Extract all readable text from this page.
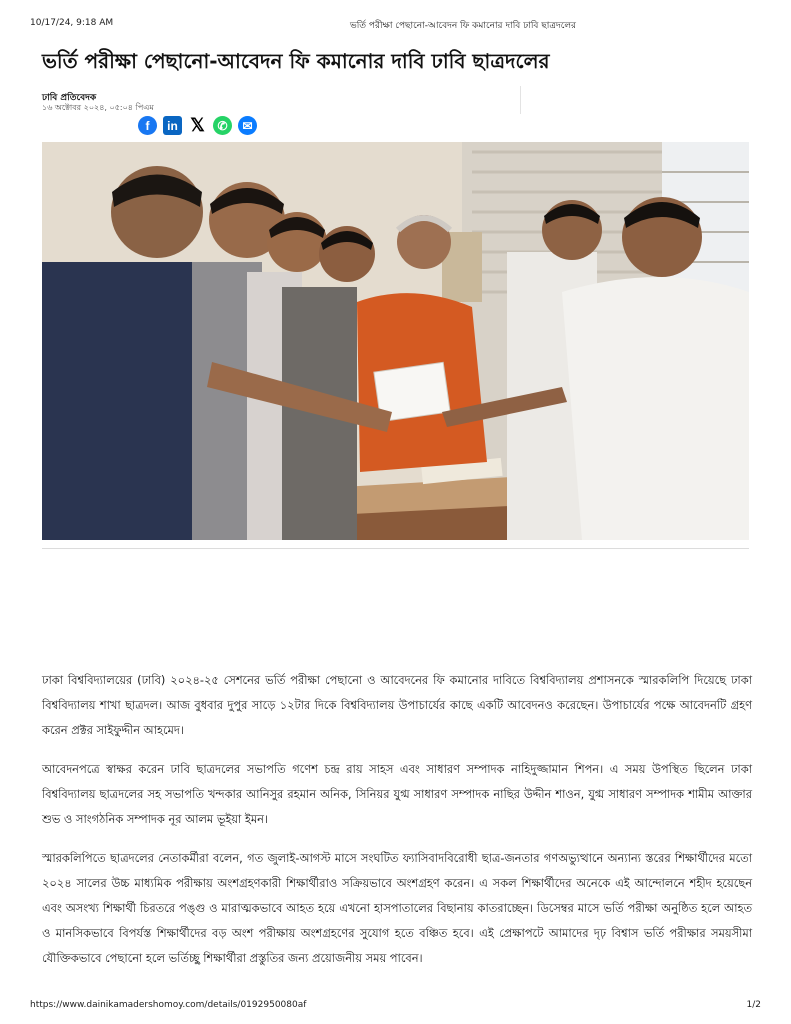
10/17/24, 9:18 AM	ভর্তি পরীক্ষা পেছানো-আবেদন ফি কমানোর দাবি ঢাবি ছাত্রদলের
ভর্তি পরীক্ষা পেছানো-আবেদন ফি কমানোর দাবি ঢাবি ছাত্রদলের
ঢাবি প্রতিবেদক
১৬ অক্টোবর ২০২৪, ০৫:০৪ পিএম
f	in 𝕏	✆	✉

ঢাকা বিশ্ববিদ্যালয়ের (ঢাবি) ২০২৪-২৫ সেশনের ভর্তি পরীক্ষা পেছানো ও আবেদনের ফি কমানোর দাবিতে বিশ্ববিদ্যালয় প্রশাসনকে স্মারকলিপি দিয়েছে ঢাকা বিশ্ববিদ্যালয় শাখা ছাত্রদল। আজ বুধবার দুপুর সাড়ে ১২টার দিকে বিশ্ববিদ্যালয় উপাচার্যের কাছে একটি আবেদনও করেছেন। উপাচার্যের পক্ষে আবেদনটি গ্রহণ করেন প্রক্টর সাইফুদ্দীন আহমেদ।

আবেদনপত্রে স্বাক্ষর করেন ঢাবি ছাত্রদলের সভাপতি গণেশ চন্দ্র রায় সাহস এবং সাধারণ সম্পাদক নাহিদুজ্জামান শিপন। এ সময় উপস্থিত ছিলেন ঢাকা বিশ্ববিদ্যালয় ছাত্রদলের সহ সভাপতি খন্দকার আনিসুর রহমান অনিক, সিনিয়র যুগ্ম সাধারণ সম্পাদক নাছির উদ্দীন শাওন, যুগ্ম সাধারণ সম্পাদক শামীম আক্তার শুভ ও সাংগঠনিক সম্পাদক নূর আলম ভূইয়া ইমন।

স্মারকলিপিতে ছাত্রদলের নেতাকর্মীরা বলেন, গত জুলাই-আগস্ট মাসে সংঘটিত ফ্যাসিবাদবিরোধী ছাত্র-জনতার গণঅভ্যুত্থানে অন্যান্য স্তরের শিক্ষার্থীদের মতো ২০২৪ সালের উচ্চ মাধ্যমিক পরীক্ষায় অংশগ্রহণকারী শিক্ষার্থীরাও সক্রিয়ভাবে অংশগ্রহণ করেন। এ সকল শিক্ষার্থীদের অনেকে এই আন্দোলনে শহীদ হয়েছেন এবং অসংখ্য শিক্ষার্থী চিরতরে পঙ্গু ও মারাত্মকভাবে আহত হয়ে এখনো হাসপাতালের বিছানায় কাতরাচ্ছেন। ডিসেম্বর মাসে ভর্তি পরীক্ষা অনুষ্ঠিত হলে আহত ও মানসিকভাবে বিপর্যস্ত শিক্ষার্থীদের বড় অংশ পরীক্ষায় অংশগ্রহণের সুযোগ হতে বঞ্চিত হবে। এই প্রেক্ষাপটে আমাদের দৃঢ় বিশ্বাস ভর্তি পরীক্ষার সময়সীমা যৌক্তিকভাবে পেছানো হলে ভর্তিচ্ছু শিক্ষার্থীরা প্রস্তুতির জন্য প্রয়োজনীয় সময় পাবেন।

https://www.dainikamadershomoy.com/details/0192950080af	1/2
